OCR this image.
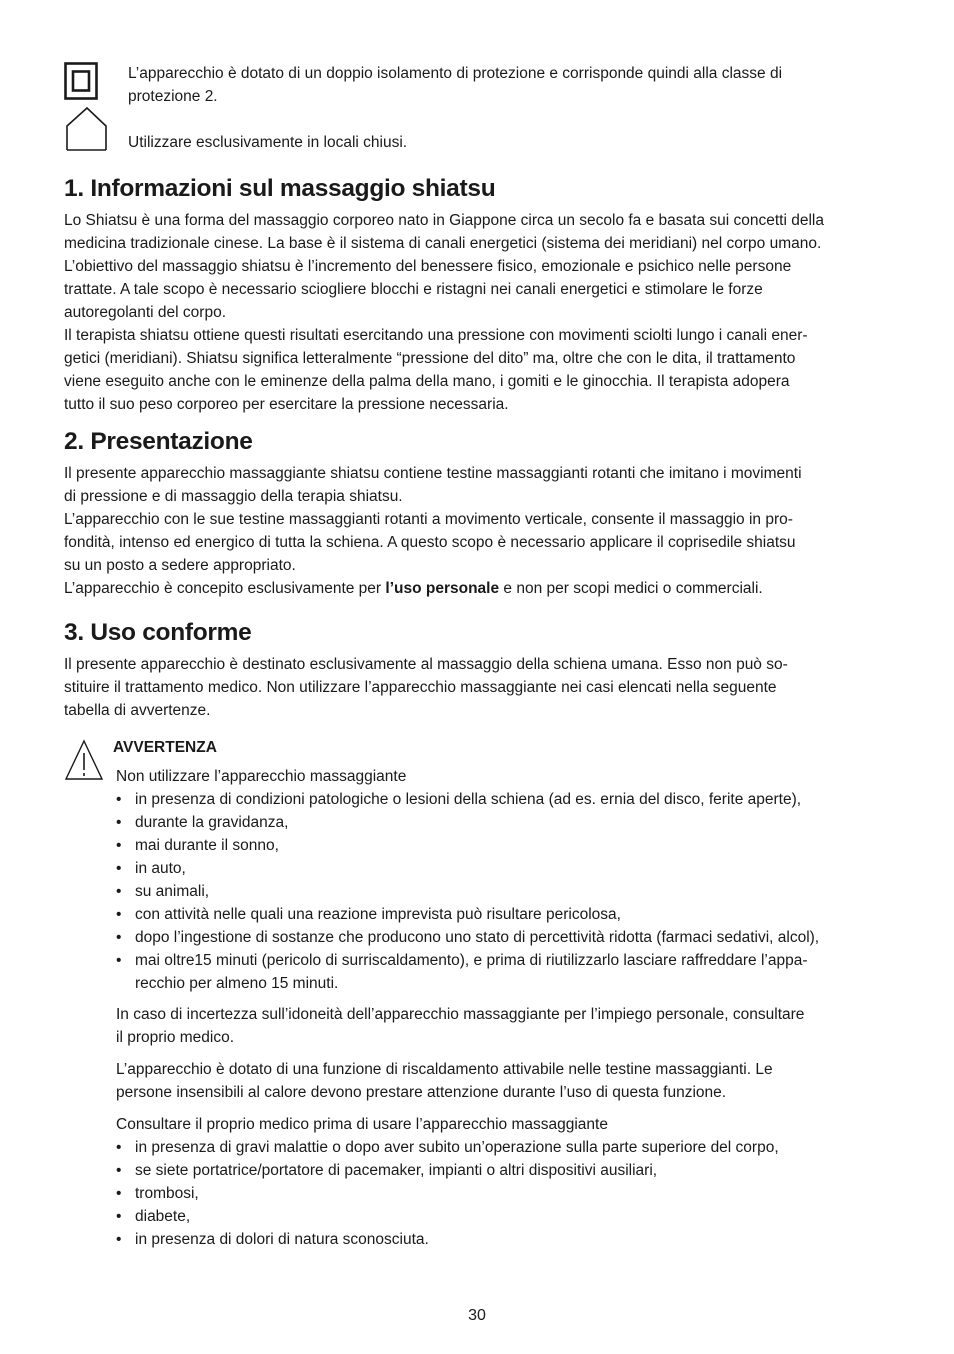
L’apparecchio è dotato di un doppio isolamento di protezione e corrisponde quindi alla classe di
protezione 2.
Utilizzare esclusivamente in locali chiusi.
1. Informazioni sul massaggio shiatsu
Lo Shiatsu è una forma del massaggio corporeo nato in Giappone circa un secolo fa e basata sui concetti della
medicina tradizionale cinese. La base è il sistema di canali energetici (sistema dei meridiani) nel corpo umano.
L’obiettivo del massaggio shiatsu è l’incremento del benessere fisico, emozionale e psichico nelle persone
trattate. A tale scopo è necessario sciogliere blocchi e ristagni nei canali energetici e stimolare le forze
autoregolanti del corpo.
Il terapista shiatsu ottiene questi risultati esercitando una pressione con movimenti sciolti lungo i canali ener-
getici (meridiani). Shiatsu significa letteralmente “pressione del dito” ma, oltre che con le dita, il trattamento
viene eseguito anche con le eminenze della palma della mano, i gomiti e le ginocchia. Il terapista adopera
tutto il suo peso corporeo per esercitare la pressione necessaria.
2. Presentazione
Il presente apparecchio massaggiante shiatsu contiene testine massaggianti rotanti che imitano i movimenti
di pressione e di massaggio della terapia shiatsu.
L’apparecchio con le sue testine massaggianti rotanti a movimento verticale, consente il massaggio in pro-
fondità, intenso ed energico di tutta la schiena. A questo scopo è necessario applicare il coprisedile shiatsu
su un posto a sedere appropriato.
L’apparecchio è concepito esclusivamente per l’uso personale e non per scopi medici o commerciali.
3. Uso conforme
Il presente apparecchio è destinato esclusivamente al massaggio della schiena umana. Esso non può so-
stituire il trattamento medico. Non utilizzare l’apparecchio massaggiante nei casi elencati nella seguente
tabella di avvertenze.
AVVERTENZA
Non utilizzare l’apparecchio massaggiante
• in presenza di condizioni patologiche o lesioni della schiena (ad es. ernia del disco, ferite aperte),
• durante la gravidanza,
• mai durante il sonno,
• in auto,
• su animali,
• con attività nelle quali una reazione imprevista può risultare pericolosa,
• dopo l’ingestione di sostanze che producono uno stato di percettività ridotta (farmaci sedativi, alcol),
• mai oltre15 minuti (pericolo di surriscaldamento), e prima di riutilizzarlo lasciare raffreddare l’appa-
recchio per almeno 15 minuti.
In caso di incertezza sull’idoneità dell’apparecchio massaggiante per l’impiego personale, consultare
il proprio medico.
L’apparecchio è dotato di una funzione di riscaldamento attivabile nelle testine massaggianti. Le
persone insensibili al calore devono prestare attenzione durante l’uso di questa funzione.
Consultare il proprio medico prima di usare l’apparecchio massaggiante
• in presenza di gravi malattie o dopo aver subito un’operazione sulla parte superiore del corpo,
• se siete portatrice/portatore di pacemaker, impianti o altri dispositivi ausiliari,
• trombosi,
• diabete,
• in presenza di dolori di natura sconosciuta.
30
